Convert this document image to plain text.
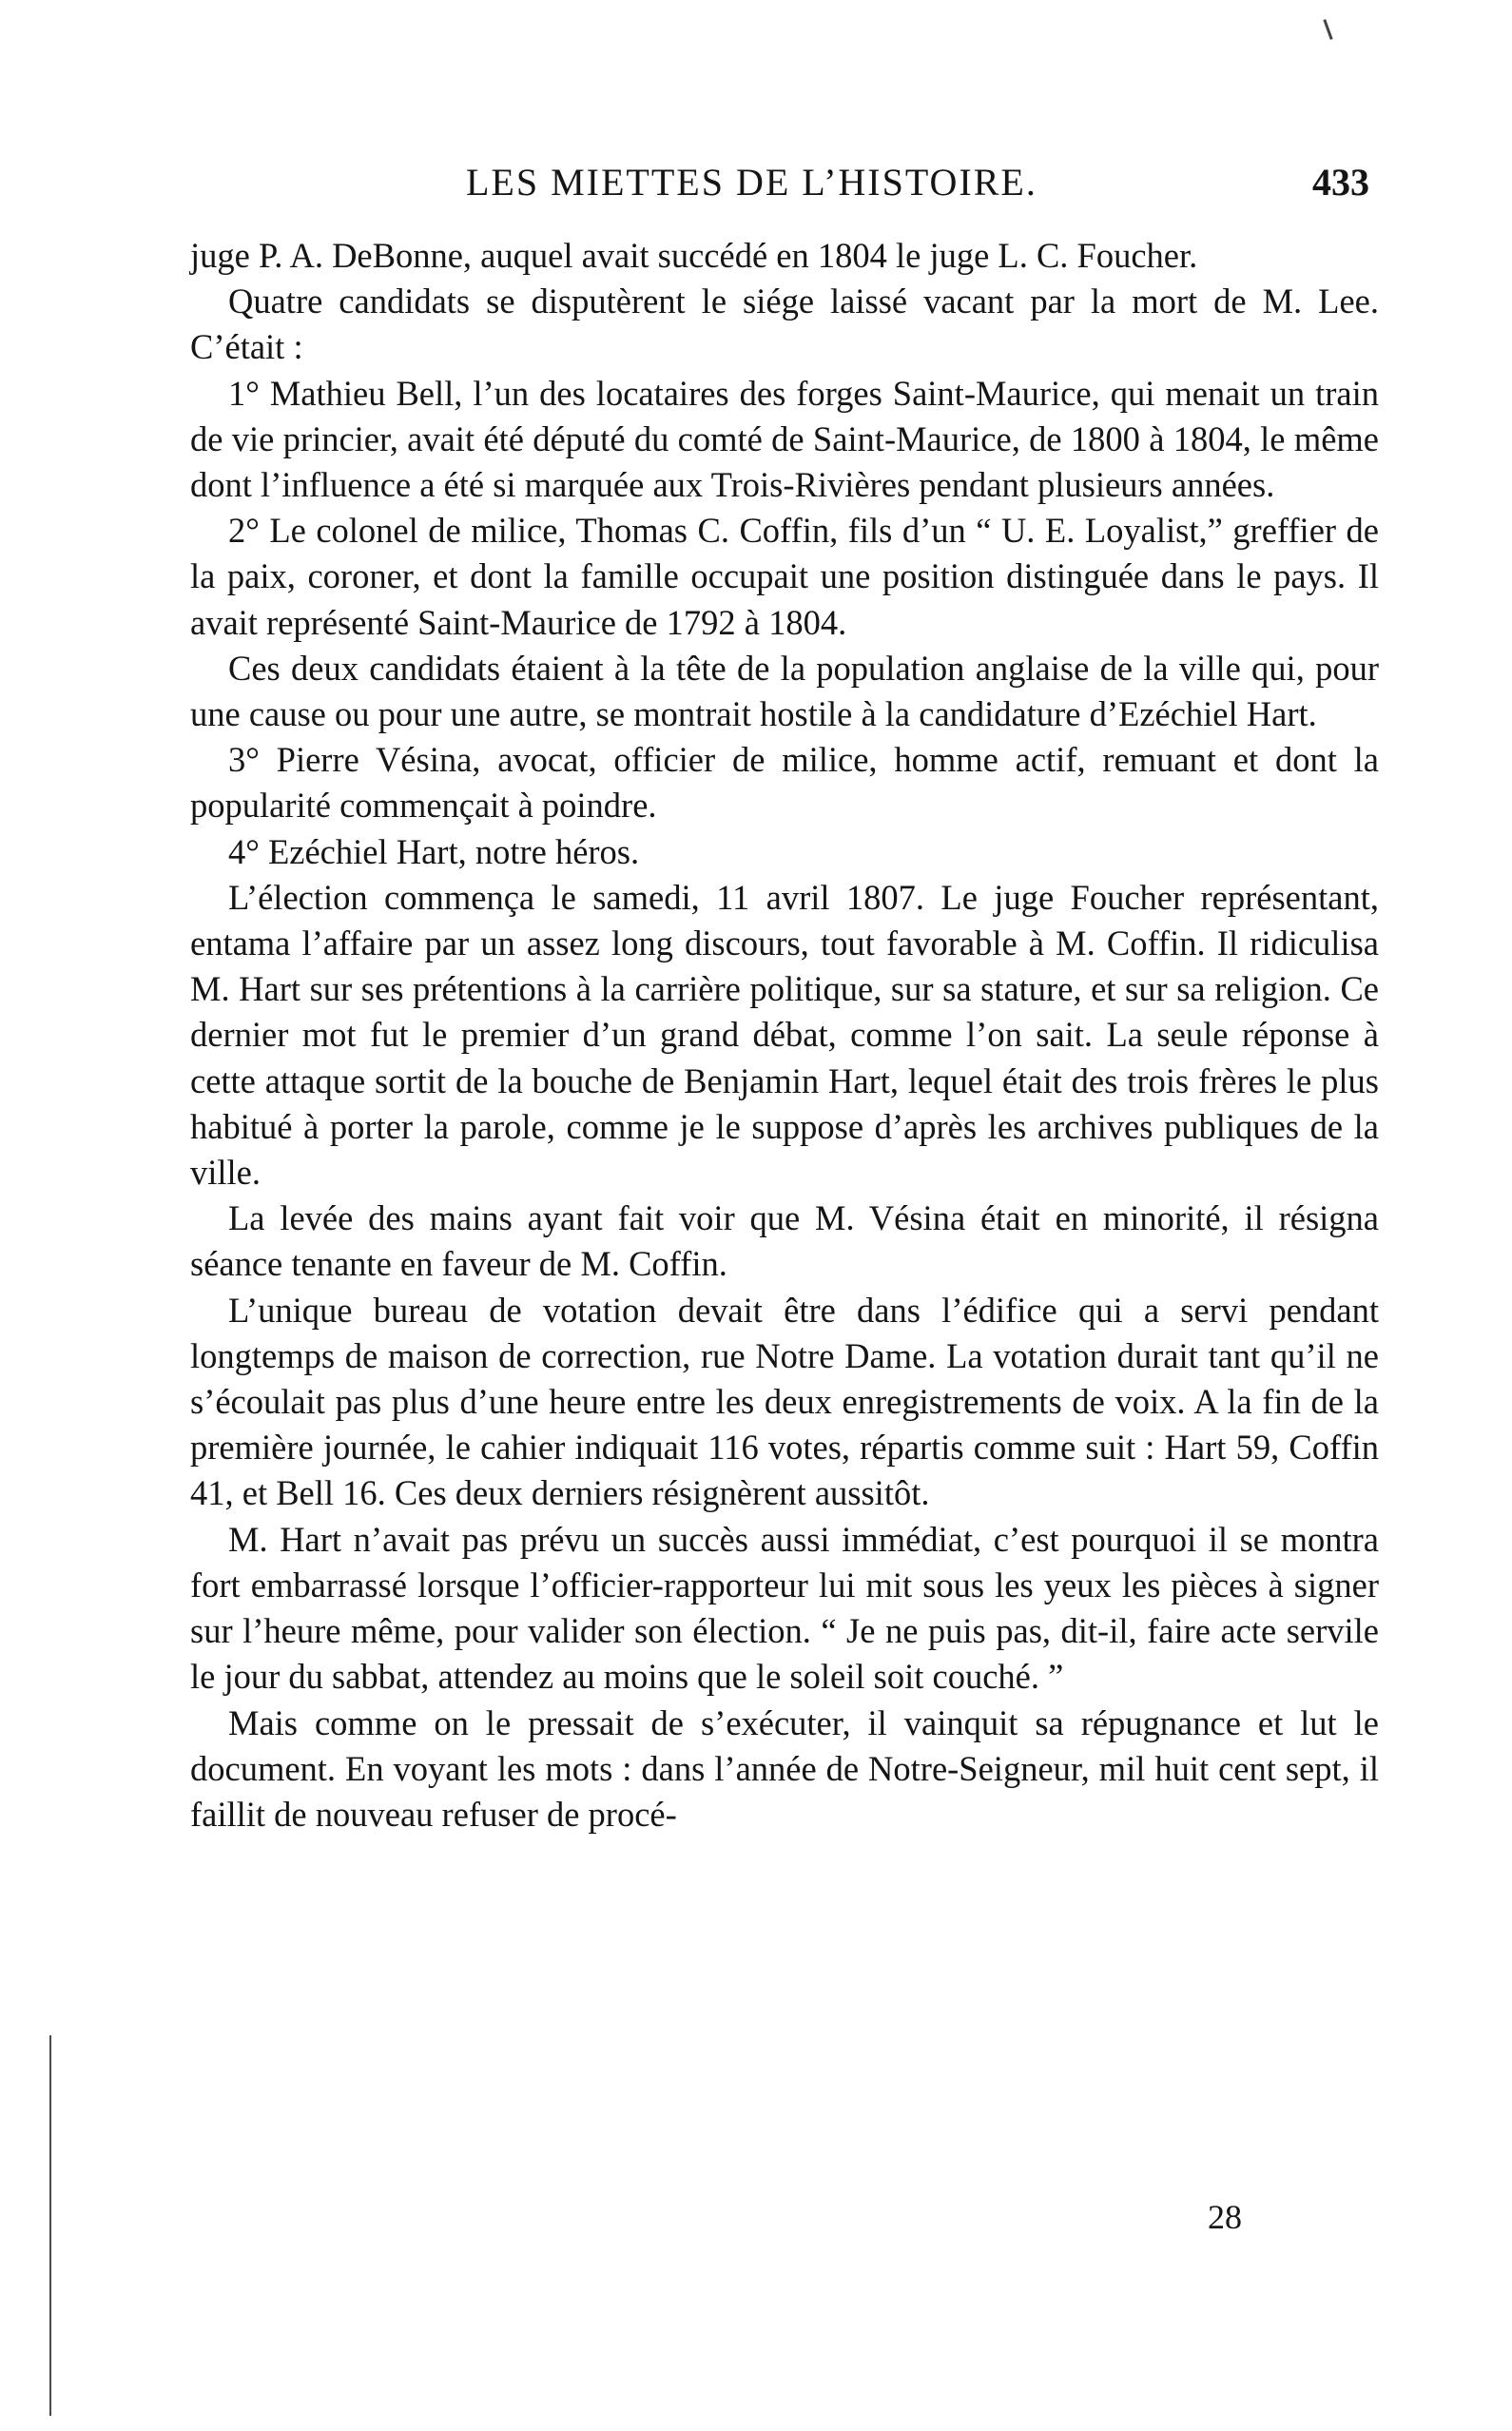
LES MIETTES DE L’HISTOIRE.	433

juge P. A. DeBonne, auquel avait succédé en 1804 le juge L. C. Foucher.

Quatre candidats se disputèrent le siége laissé vacant par la mort de M. Lee. C’était :

1° Mathieu Bell, l’un des locataires des forges Saint-Maurice, qui menait un train de vie princier, avait été député du comté de Saint-Maurice, de 1800 à 1804, le même dont l’influence a été si marquée aux Trois-Rivières pendant plusieurs années.

2° Le colonel de milice, Thomas C. Coffin, fils d’un “ U. E. Loyalist,” greffier de la paix, coroner, et dont la famille occupait une position distinguée dans le pays. Il avait représenté Saint-Maurice de 1792 à 1804.

Ces deux candidats étaient à la tête de la population anglaise de la ville qui, pour une cause ou pour une autre, se montrait hostile à la candidature d’Ezéchiel Hart.

3° Pierre Vésina, avocat, officier de milice, homme actif, remuant et dont la popularité commençait à poindre.

4° Ezéchiel Hart, notre héros.

L’élection commença le samedi, 11 avril 1807. Le juge Foucher représentant, entama l’affaire par un assez long discours, tout favorable à M. Coffin. Il ridiculisa M. Hart sur ses prétentions à la carrière politique, sur sa stature, et sur sa religion. Ce dernier mot fut le premier d’un grand débat, comme l’on sait. La seule réponse à cette attaque sortit de la bouche de Benjamin Hart, lequel était des trois frères le plus habitué à porter la parole, comme je le suppose d’après les archives publiques de la ville.

La levée des mains ayant fait voir que M. Vésina était en minorité, il résigna séance tenante en faveur de M. Coffin.

L’unique bureau de votation devait être dans l’édifice qui a servi pendant longtemps de maison de correction, rue Notre Dame. La votation durait tant qu’il ne s’écoulait pas plus d’une heure entre les deux enregistrements de voix. A la fin de la première journée, le cahier indiquait 116 votes, répartis comme suit : Hart 59, Coffin 41, et Bell 16. Ces deux derniers résignèrent aussitôt.

M. Hart n’avait pas prévu un succès aussi immédiat, c’est pourquoi il se montra fort embarrassé lorsque l’officier-rapporteur lui mit sous les yeux les pièces à signer sur l’heure même, pour valider son élection. “ Je ne puis pas, dit-il, faire acte servile le jour du sabbat, attendez au moins que le soleil soit couché. ”

Mais comme on le pressait de s’exécuter, il vainquit sa répugnance et lut le document. En voyant les mots : dans l’année de Notre-Seigneur, mil huit cent sept, il faillit de nouveau refuser de procé-

28
